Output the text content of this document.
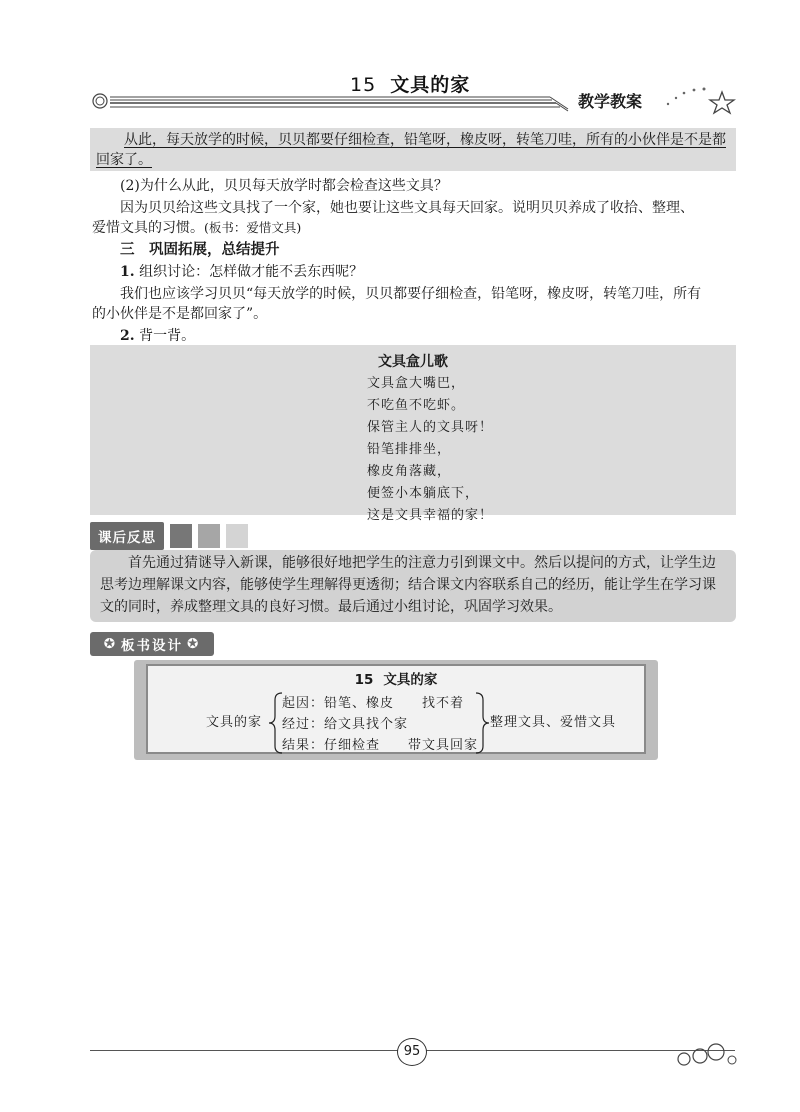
15 文具的家
教学教案
从此，每天放学的时候，贝贝都要仔细检查，铅笔呀，橡皮呀，转笔刀哇，所有的小伙伴是不是都回家了。
(2)为什么从此，贝贝每天放学时都会检查这些文具？
因为贝贝给这些文具找了一个家，她也要让这些文具每天回家。说明贝贝养成了收拾、整理、
爱惜文具的习惯。(板书：爱惜文具)
三　巩固拓展，总结提升
1. 组织讨论：怎样做才能不丢东西呢？
我们也应该学习贝贝“每天放学的时候，贝贝都要仔细检查，铅笔呀，橡皮呀，转笔刀哇，所有
的小伙伴是不是都回家了”。
2. 背一背。
文具盒儿歌
文具盒大嘴巴，
不吃鱼不吃虾。
保管主人的文具呀！
铅笔排排坐，
橡皮角落藏，
便签小本躺底下，
这是文具幸福的家！
课后反思
首先通过猜谜导入新课，能够很好地把学生的注意力引到课文中。然后以提问的方式，让学生边思考边理解课文内容，能够使学生理解得更透彻；结合课文内容联系自己的经历，能让学生在学习课文的同时，养成整理文具的良好习惯。最后通过小组讨论，巩固学习效果。
✪ 板书设计 ✪
15 文具的家
文具的家
起因：铅笔、橡皮　　找不着
经过：给文具找个家
结果：仔细检查　　带文具回家
整理文具、爱惜文具
95
